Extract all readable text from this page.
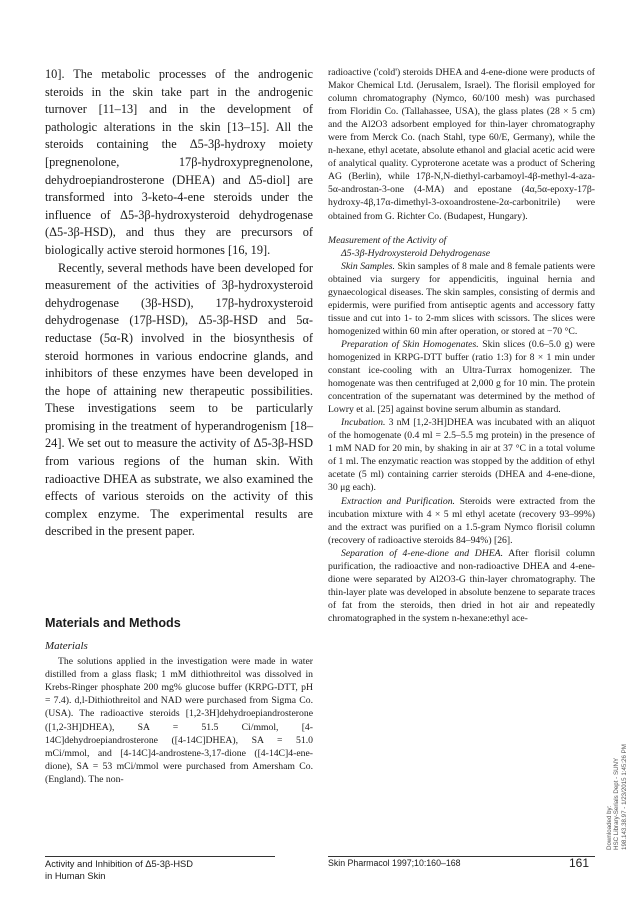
10]. The metabolic processes of the androgenic steroids in the skin take part in the androgenic turnover [11–13] and in the development of pathologic alterations in the skin [13–15]. All the steroids containing the Δ5-3β-hydroxy moiety [pregnenolone, 17β-hydroxypregnenolone, dehydroepiandrosterone (DHEA) and Δ5-diol] are transformed into 3-keto-4-ene steroids under the influence of Δ5-3β-hydroxysteroid dehydrogenase (Δ5-3β-HSD), and thus they are precursors of biologically active steroid hormones [16, 19].

Recently, several methods have been developed for measurement of the activities of 3β-hydroxysteroid dehydrogenase (3β-HSD), 17β-hydroxysteroid dehydrogenase (17β-HSD), Δ5-3β-HSD and 5α-reductase (5α-R) involved in the biosynthesis of steroid hormones in various endocrine glands, and inhibitors of these enzymes have been developed in the hope of attaining new therapeutic possibilities. These investigations seem to be particularly promising in the treatment of hyperandrogenism [18–24]. We set out to measure the activity of Δ5-3β-HSD from various regions of the human skin. With radioactive DHEA as substrate, we also examined the effects of various steroids on the activity of this complex enzyme. The experimental results are described in the present paper.

Materials and Methods

Materials

The solutions applied in the investigation were made in water distilled from a glass flask; 1 mM dithiothreitol was dissolved in Krebs-Ringer phosphate 200 mg% glucose buffer (KRPG-DTT, pH = 7.4). d,l-Dithiothreitol and NAD were purchased from Sigma Co. (USA). The radioactive steroids [1,2-3H]dehydroepiandrosterone ([1,2-3H]DHEA), SA = 51.5 Ci/mmol, [4-14C]dehydroepiandrosterone ([4-14C]DHEA), SA = 51.0 mCi/mmol, and [4-14C]4-androstene-3,17-dione ([4-14C]4-ene-dione), SA = 53 mCi/mmol were purchased from Amersham Co. (England). The non-

radioactive ('cold') steroids DHEA and 4-ene-dione were products of Makor Chemical Ltd. (Jerusalem, Israel). The florisil employed for column chromatography (Nymco, 60/100 mesh) was purchased from Floridin Co. (Tallahassee, USA), the glass plates (28 × 5 cm) and the Al2O3 adsorbent employed for thin-layer chromatography were from Merck Co. (nach Stahl, type 60/E, Germany), while the n-hexane, ethyl acetate, absolute ethanol and glacial acetic acid were of analytical quality. Cyproterone acetate was a product of Schering AG (Berlin), while 17β-N,N-diethyl-carbamoyl-4β-methyl-4-aza-5α-androstan-3-one (4-MA) and epostane (4α,5α-epoxy-17β-hydroxy-4β,17α-dimethyl-3-oxoandrostene-2α-carbonitrile) were obtained from G. Richter Co. (Budapest, Hungary).

Measurement of the Activity of

Δ5-3β-Hydroxysteroid Dehydrogenase

Skin Samples. Skin samples of 8 male and 8 female patients were obtained via surgery for appendicitis, inguinal hernia and gynaecological diseases. The skin samples, consisting of dermis and epidermis, were purified from antiseptic agents and accessory fatty tissue and cut into 1- to 2-mm slices with scissors. The slices were homogenized within 60 min after operation, or stored at −70 °C.

Preparation of Skin Homogenates. Skin slices (0.6–5.0 g) were homogenized in KRPG-DTT buffer (ratio 1:3) for 8 × 1 min under constant ice-cooling with an Ultra-Turrax homogenizer. The homogenate was then centrifuged at 2,000 g for 10 min. The protein concentration of the supernatant was determined by the method of Lowry et al. [25] against bovine serum albumin as standard.

Incubation. 3 nM [1,2-3H]DHEA was incubated with an aliquot of the homogenate (0.4 ml = 2.5–5.5 mg protein) in the presence of 1 mM NAD for 20 min, by shaking in air at 37 °C in a total volume of 1 ml. The enzymatic reaction was stopped by the addition of ethyl acetate (5 ml) containing carrier steroids (DHEA and 4-ene-dione, 30 μg each).

Extraction and Purification. Steroids were extracted from the incubation mixture with 4 × 5 ml ethyl acetate (recovery 93–99%) and the extract was purified on a 1.5-gram Nymco florisil column (recovery of radioactive steroids 84–94%) [26].

Separation of 4-ene-dione and DHEA. After florisil column purification, the radioactive and non-radioactive DHEA and 4-ene-dione were separated by Al2O3-G thin-layer chromatography. The thin-layer plate was developed in absolute benzene to separate traces of fat from the steroids, then dried in hot air and repeatedly chromatographed in the system n-hexane:ethyl ace-

Activity and Inhibition of Δ5-3β-HSD
in Human Skin
Skin Pharmacol 1997;10:160–168	161
Downloaded by: HSC Library-Serials Dept - SUNY 198.143.38.97 - 1/23/2015 1:45:26 PM
